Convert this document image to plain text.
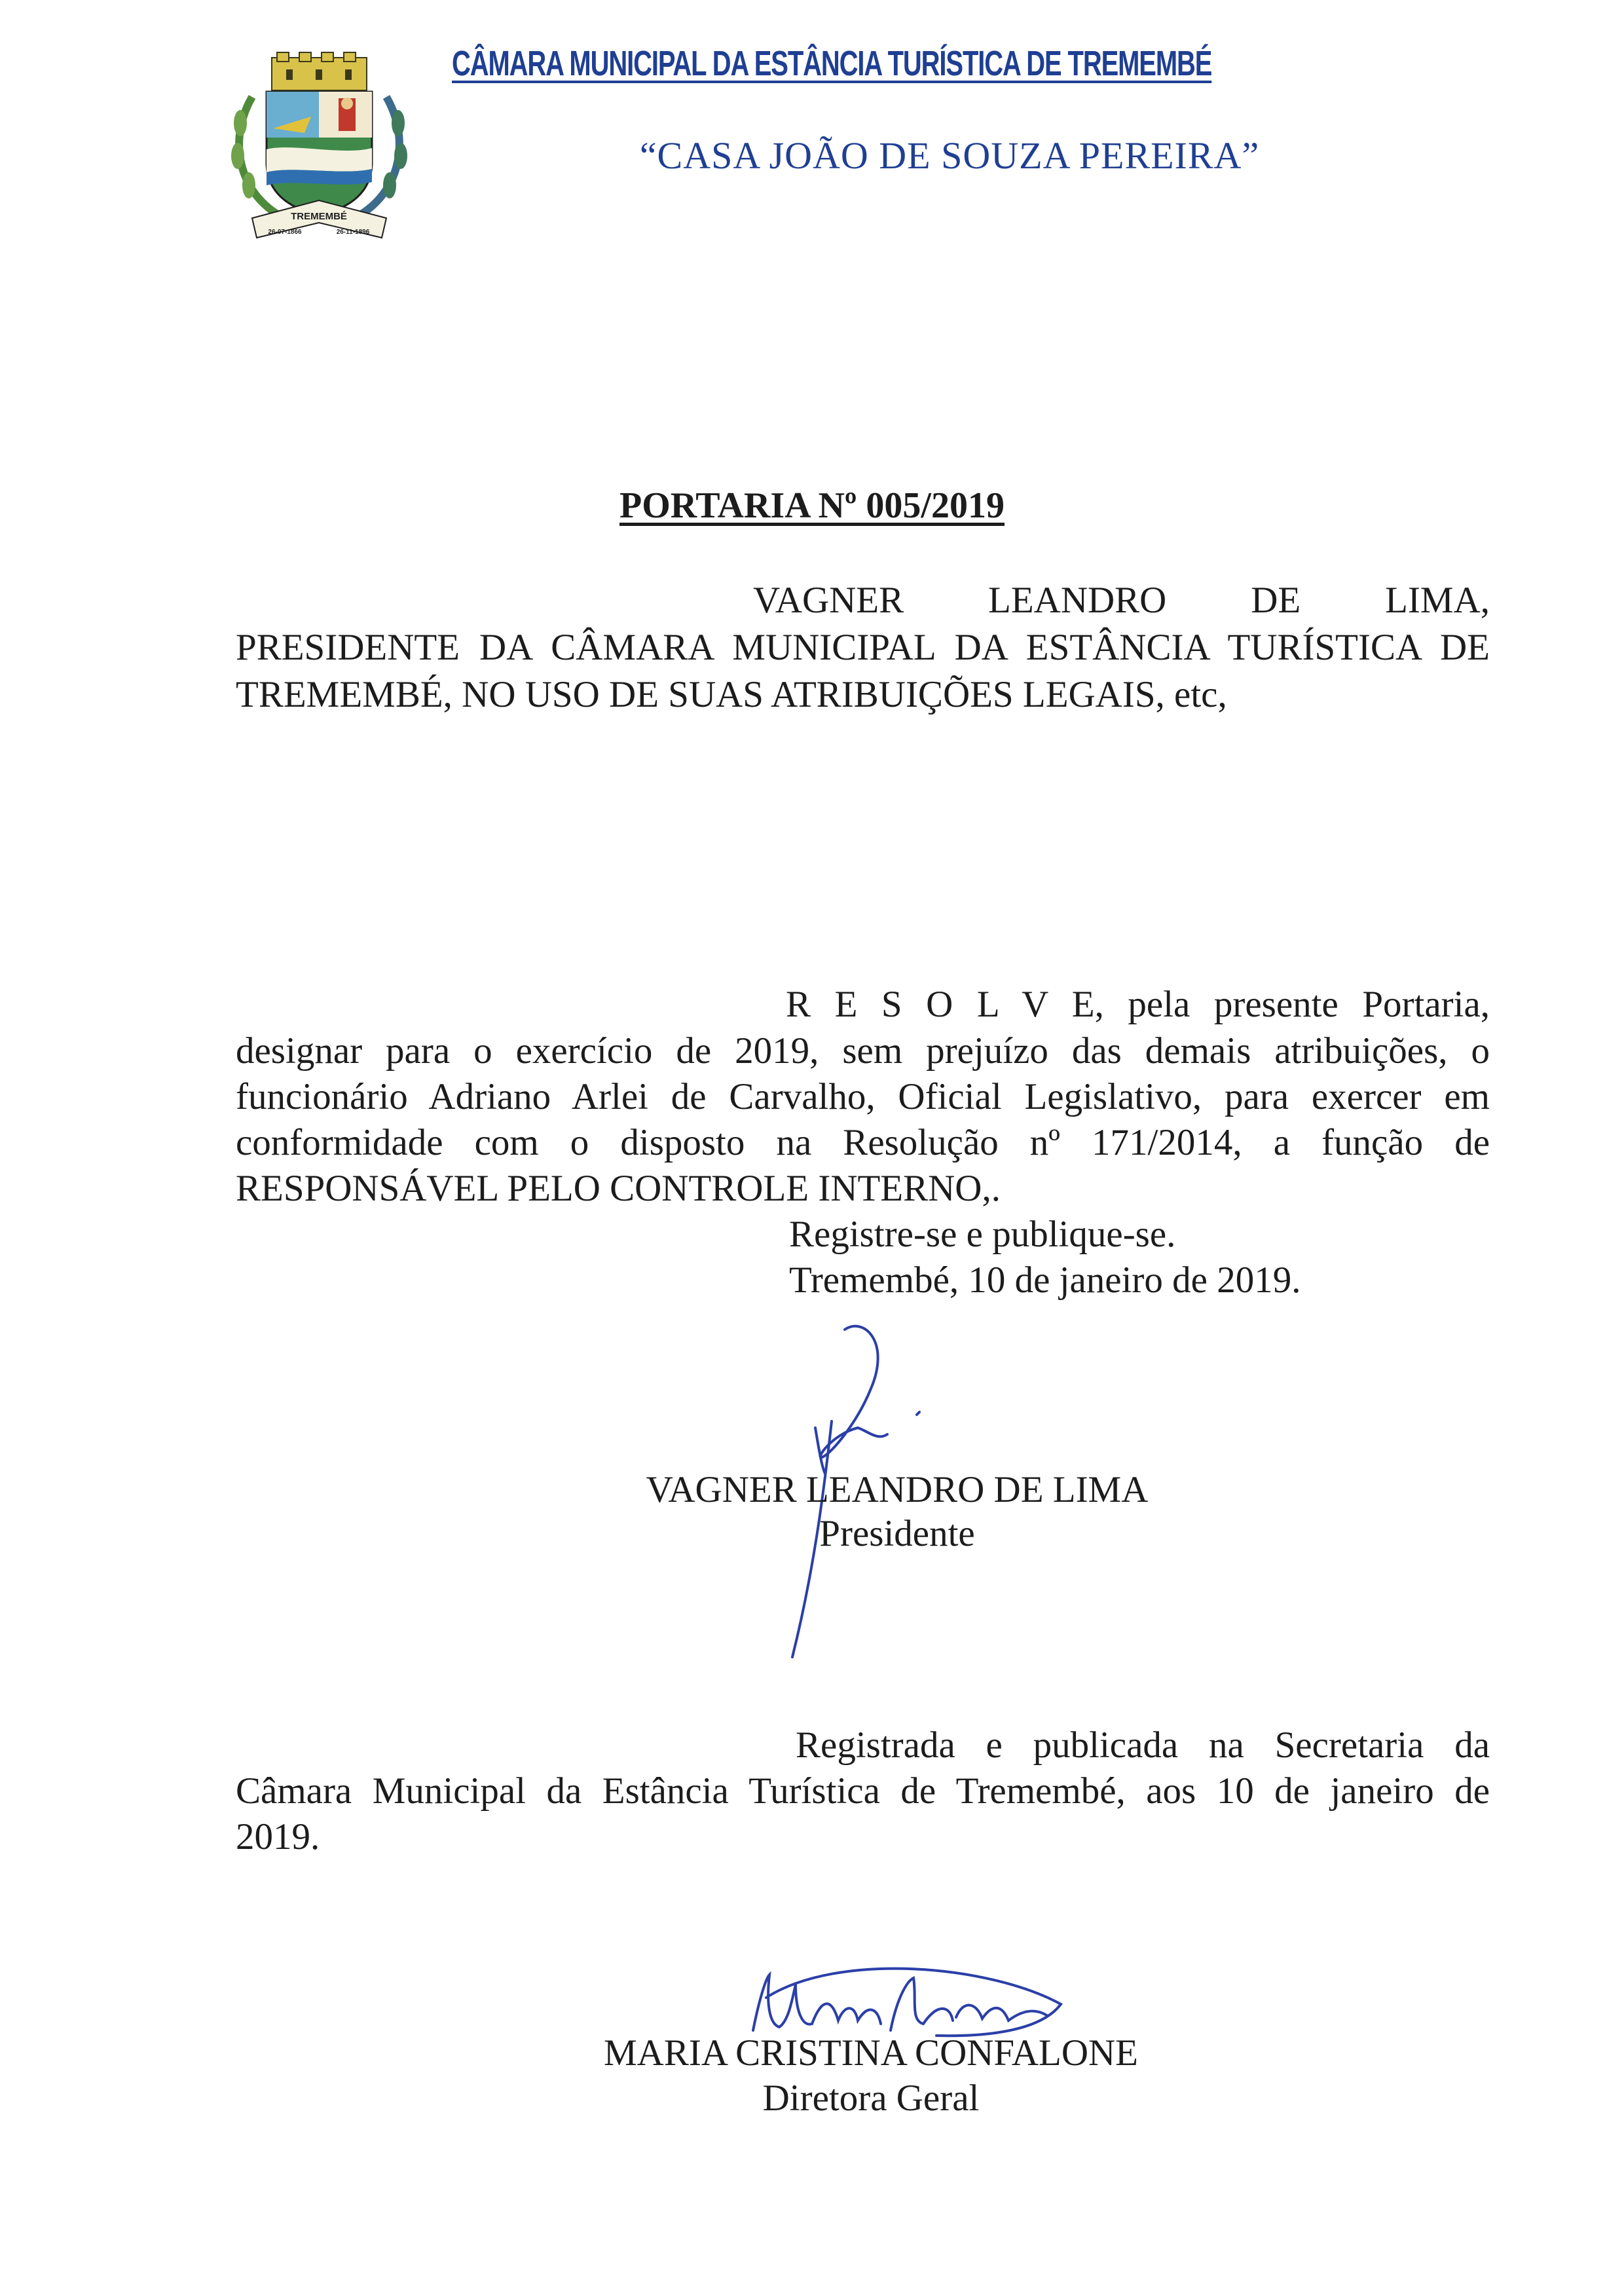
TREMEMBÉ
26-07-1866	26-11-1896
CÂMARA MUNICIPAL DA ESTÂNCIA TURÍSTICA DE TREMEMBÉ
“CASA JOÃO DE SOUZA PEREIRA”
PORTARIA Nº 005/2019
VAGNER LEANDRO DE LIMA,
PRESIDENTE DA CÂMARA MUNICIPAL DA ESTÂNCIA TURÍSTICA DE
TREMEMBÉ, NO USO DE SUAS ATRIBUIÇÕES LEGAIS, etc,
R E S O L V E, pela presente Portaria,
designar para o exercício de 2019, sem prejuízo das demais atribuições, o
funcionário Adriano Arlei de Carvalho, Oficial Legislativo, para exercer em
conformidade com o disposto na Resolução nº 171/2014, a função de
RESPONSÁVEL PELO CONTROLE INTERNO,.
Registre-se e publique-se.
Tremembé, 10 de janeiro de 2019.
VAGNER LEANDRO DE LIMA
Presidente
Registrada e publicada na Secretaria da
Câmara Municipal da Estância Turística de Tremembé, aos 10 de janeiro de
2019.
MARIA CRISTINA CONFALONE
Diretora Geral
